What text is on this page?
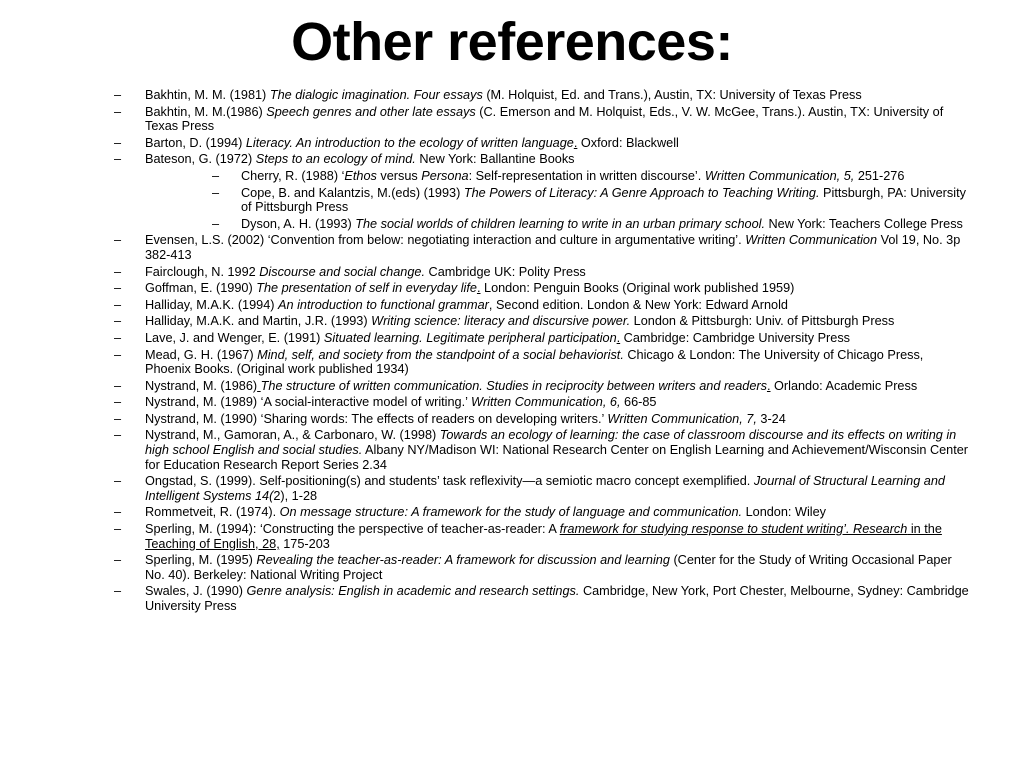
Other references:
– Bakhtin, M. M. (1981) The dialogic imagination. Four essays (M. Holquist, Ed. and Trans.), Austin, TX: University of Texas Press
– Bakhtin, M. M.(1986) Speech genres and other late essays (C. Emerson and M. Holquist, Eds., V. W. McGee, Trans.). Austin, TX: University of Texas Press
– Barton, D. (1994) Literacy. An introduction to the ecology of written language. Oxford: Blackwell
– Bateson, G. (1972) Steps to an ecology of mind. New York: Ballantine Books
– Cherry, R. (1988) ‘Ethos versus Persona: Self-representation in written discourse’. Written Communication, 5, 251-276
– Cope, B. and Kalantzis, M.(eds) (1993) The Powers of Literacy: A Genre Approach to Teaching Writing. Pittsburgh, PA: University of Pittsburgh Press
– Dyson, A. H. (1993) The social worlds of children learning to write in an urban primary school. New York: Teachers College Press
– Evensen, L.S. (2002) ‘Convention from below: negotiating interaction and culture in argumentative writing’. Written Communication Vol 19, No. 3p 382-413
– Fairclough, N. 1992 Discourse and social change. Cambridge UK: Polity Press
– Goffman, E. (1990) The presentation of self in everyday life. London: Penguin Books (Original work published 1959)
– Halliday, M.A.K. (1994) An introduction to functional grammar, Second edition. London & New York: Edward Arnold
– Halliday, M.A.K. and Martin, J.R. (1993) Writing science: literacy and discursive power. London & Pittsburgh: Univ. of Pittsburgh Press
– Lave, J. and Wenger, E. (1991) Situated learning. Legitimate peripheral participation. Cambridge: Cambridge University Press
– Mead, G. H. (1967) Mind, self, and society from the standpoint of a social behaviorist. Chicago & London: The University of Chicago Press, Phoenix Books. (Original work published 1934)
– Nystrand, M. (1986) The structure of written communication. Studies in reciprocity between writers and readers. Orlando: Academic Press
– Nystrand, M. (1989) ‘A social-interactive model of writing.’ Written Communication, 6, 66-85
– Nystrand, M. (1990) ‘Sharing words: The effects of readers on developing writers.’ Written Communication, 7, 3-24
– Nystrand, M., Gamoran, A., & Carbonaro, W. (1998) Towards an ecology of learning: the case of classroom discourse and its effects on writing in high school English and social studies. Albany NY/Madison WI: National Research Center on English Learning and Achievement/Wisconsin Center for Education Research Report Series 2.34
– Ongstad, S. (1999). Self-positioning(s) and students’ task reflexivity—a semiotic macro concept exemplified. Journal of Structural Learning and Intelligent Systems 14(2), 1-28
– Rommetveit, R. (1974). On message structure: A framework for the study of language and communication. London: Wiley
– Sperling, M. (1994): ‘Constructing the perspective of teacher-as-reader: A framework for studying response to student writing’. Research in the Teaching of English, 28, 175-203
– Sperling, M. (1995) Revealing the teacher-as-reader: A framework for discussion and learning (Center for the Study of Writing Occasional Paper No. 40). Berkeley: National Writing Project
– Swales, J. (1990) Genre analysis: English in academic and research settings. Cambridge, New York, Port Chester, Melbourne, Sydney: Cambridge University Press
